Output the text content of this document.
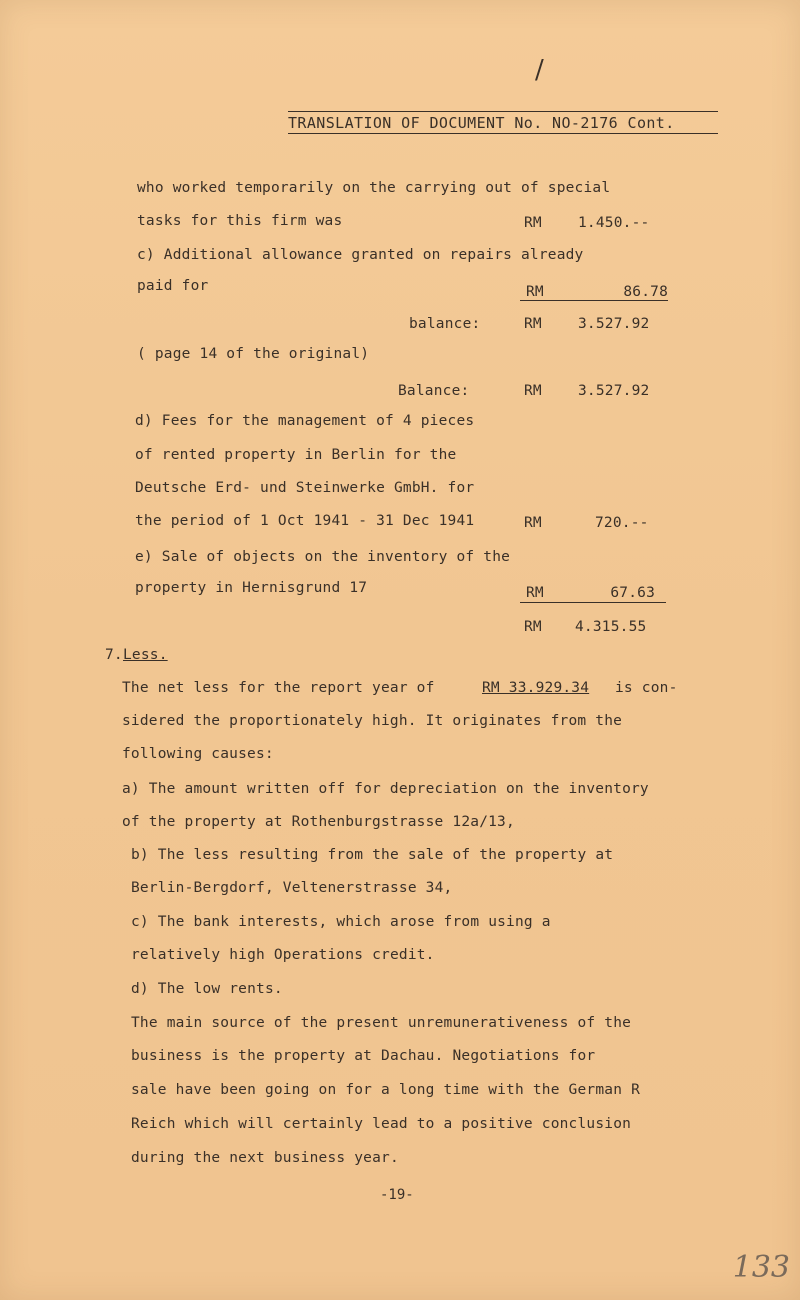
/
TRANSLATION OF DOCUMENT No. NO-2176 Cont.
who worked temporarily on the carrying out of special
tasks for this firm was	RM 1.450.--
c) Additional allowance granted on repairs already
paid for	RM	86.78
balance:	RM 3.527.92
( page 14 of the original)
Balance:	RM 3.527.92
d) Fees for the management of 4 pieces
of rented property in Berlin for the
Deutsche Erd- und Steinwerke GmbH. for
the period of 1 Oct 1941 - 31 Dec 1941	RM	720.--
e) Sale of objects on the inventory of the
property in Hernisgrund 17	RM	67.63
RM 4.315.55
7. Less.
The net less for the report year of	RM 33.929.34 is con-
sidered the proportionately high. It originates from the
following causes:
a) The amount written off for depreciation on the inventory
of the property at Rothenburgstrasse 12a/13,
b) The less resulting from the sale of the property at
Berlin-Bergdorf, Veltenerstrasse 34,
c) The bank interests, which arose from using a
relatively high Operations credit.
d) The low rents.
The main source of the present unremunerativeness of the
business is the property at Dachau. Negotiations for
sale have been going on for a long time with the German R
Reich which will certainly lead to a positive conclusion
during the next business year.
-19-
133
